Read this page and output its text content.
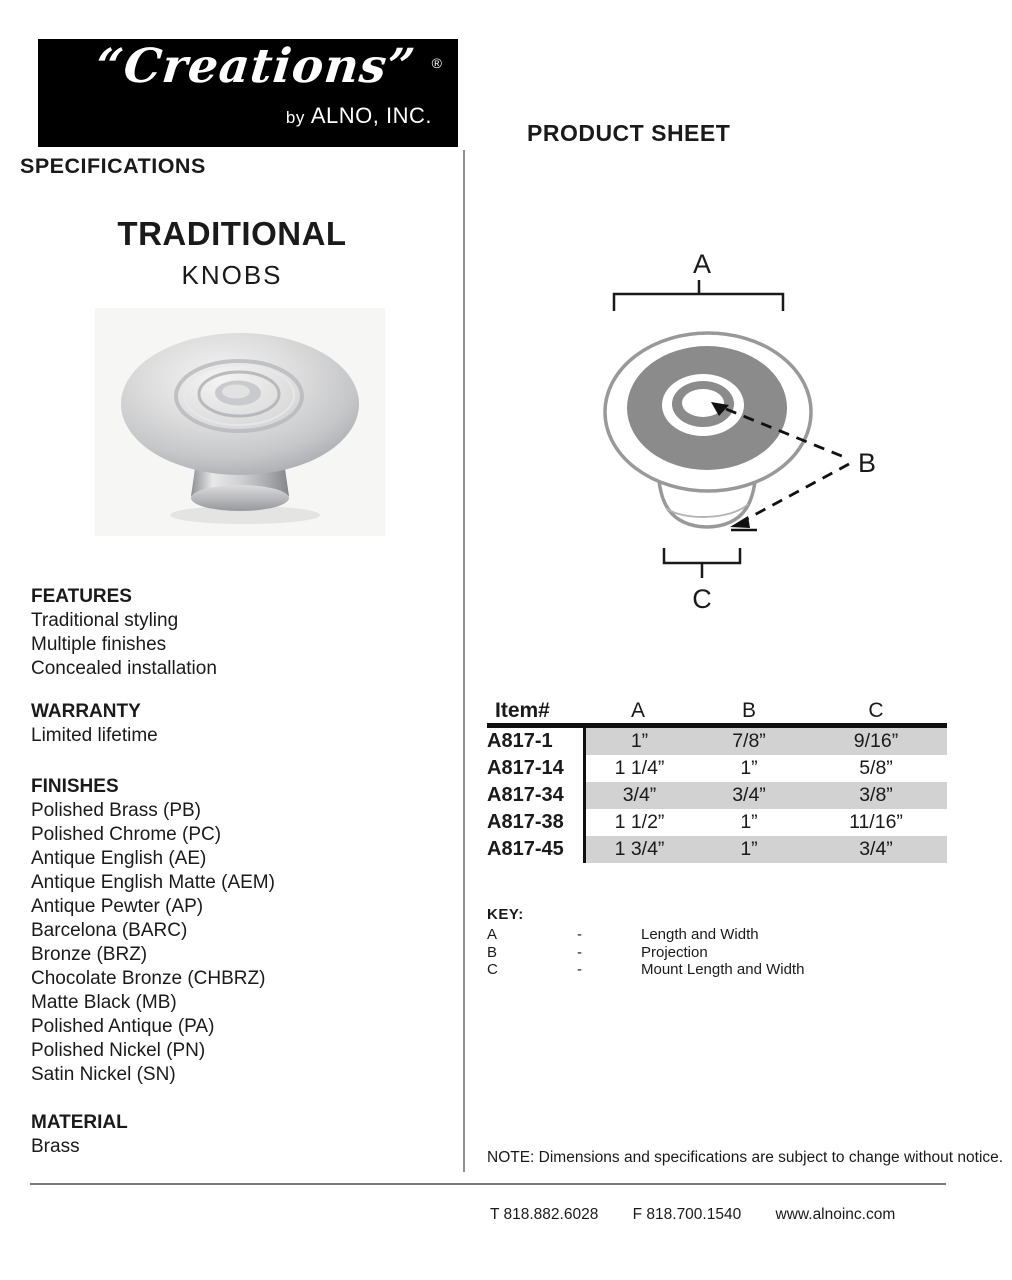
“Creations” ®
by ALNO, INC.
SPECIFICATIONS
PRODUCT SHEET
TRADITIONAL
KNOBS
FEATURES
Traditional styling
Multiple finishes
Concealed installation
WARRANTY
Limited lifetime
FINISHES
Polished Brass (PB)
Polished Chrome (PC)
Antique English (AE)
Antique English Matte (AEM)
Antique Pewter (AP)
Barcelona (BARC)
Bronze (BRZ)
Chocolate Bronze (CHBRZ)
Matte Black (MB)
Polished Antique (PA)
Polished Nickel (PN)
Satin Nickel (SN)
MATERIAL
Brass
A
B
C
Item#	A	B	C
A817-1	1”	7/8”	9/16”
A817-14	1 1/4”	1”	5/8”
A817-34	3/4”	3/4”	3/8”
A817-38	1 1/2”	1”	11/16”
A817-45	1 3/4”	1”	3/4”
KEY:
A	-	Length and Width
B	-	Projection
C	-	Mount Length and Width
NOTE: Dimensions and specifications are subject to change without notice.
T 818.882.6028 F 818.700.1540 www.alnoinc.com
